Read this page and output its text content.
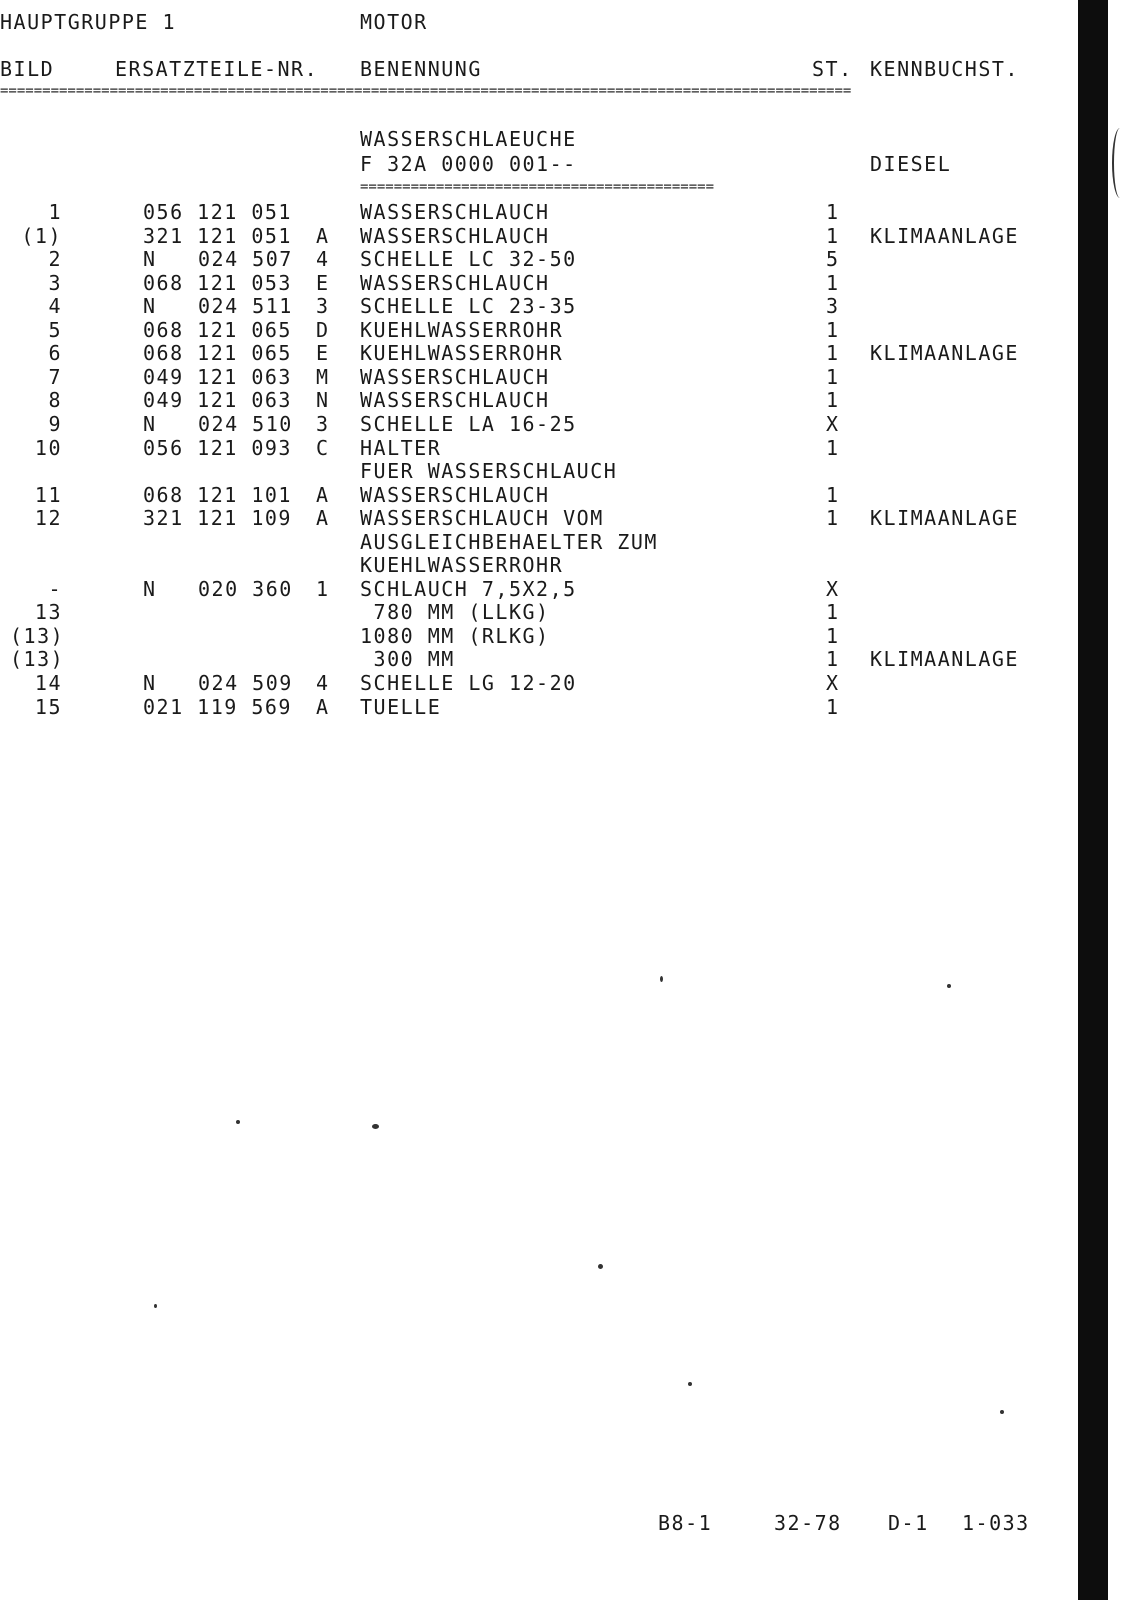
HAUPTGRUPPE 1	MOTOR
BILD	ERSATZTEILE-NR. BENENNUNG	ST. KENNBUCHST.
=====================================================================================================
WASSERSCHLAEUCHE
F 32A 0000 001--	DIESEL
==========================================
1	056 121 051	WASSERSCHLAUCH	1
(1)	321 121 051 A WASSERSCHLAUCH	1 KLIMAANLAGE
2	N 024 507 4 SCHELLE LC 32-50	5
3	068 121 053 E WASSERSCHLAUCH	1
4	N 024 511 3 SCHELLE LC 23-35	3
5	068 121 065 D KUEHLWASSERROHR	1
6	068 121 065 E KUEHLWASSERROHR	1 KLIMAANLAGE
7	049 121 063 M WASSERSCHLAUCH	1
8	049 121 063 N WASSERSCHLAUCH	1
9	N 024 510 3 SCHELLE LA 16-25	X
10	056 121 093 C HALTER	1
FUER WASSERSCHLAUCH
11	068 121 101 A WASSERSCHLAUCH	1
12	321 121 109 A WASSERSCHLAUCH VOM	1 KLIMAANLAGE
AUSGLEICHBEHAELTER ZUM
KUEHLWASSERROHR
-	N 020 360 1 SCHLAUCH 7,5X2,5	X
13	780 MM (LLKG)	1
(13)	1080 MM (RLKG)	1
(13)	300 MM	1 KLIMAANLAGE
14	N 024 509 4 SCHELLE LG 12-20	X
15	021 119 569 A TUELLE	1
B8-1	32-78 D-1 1-033
